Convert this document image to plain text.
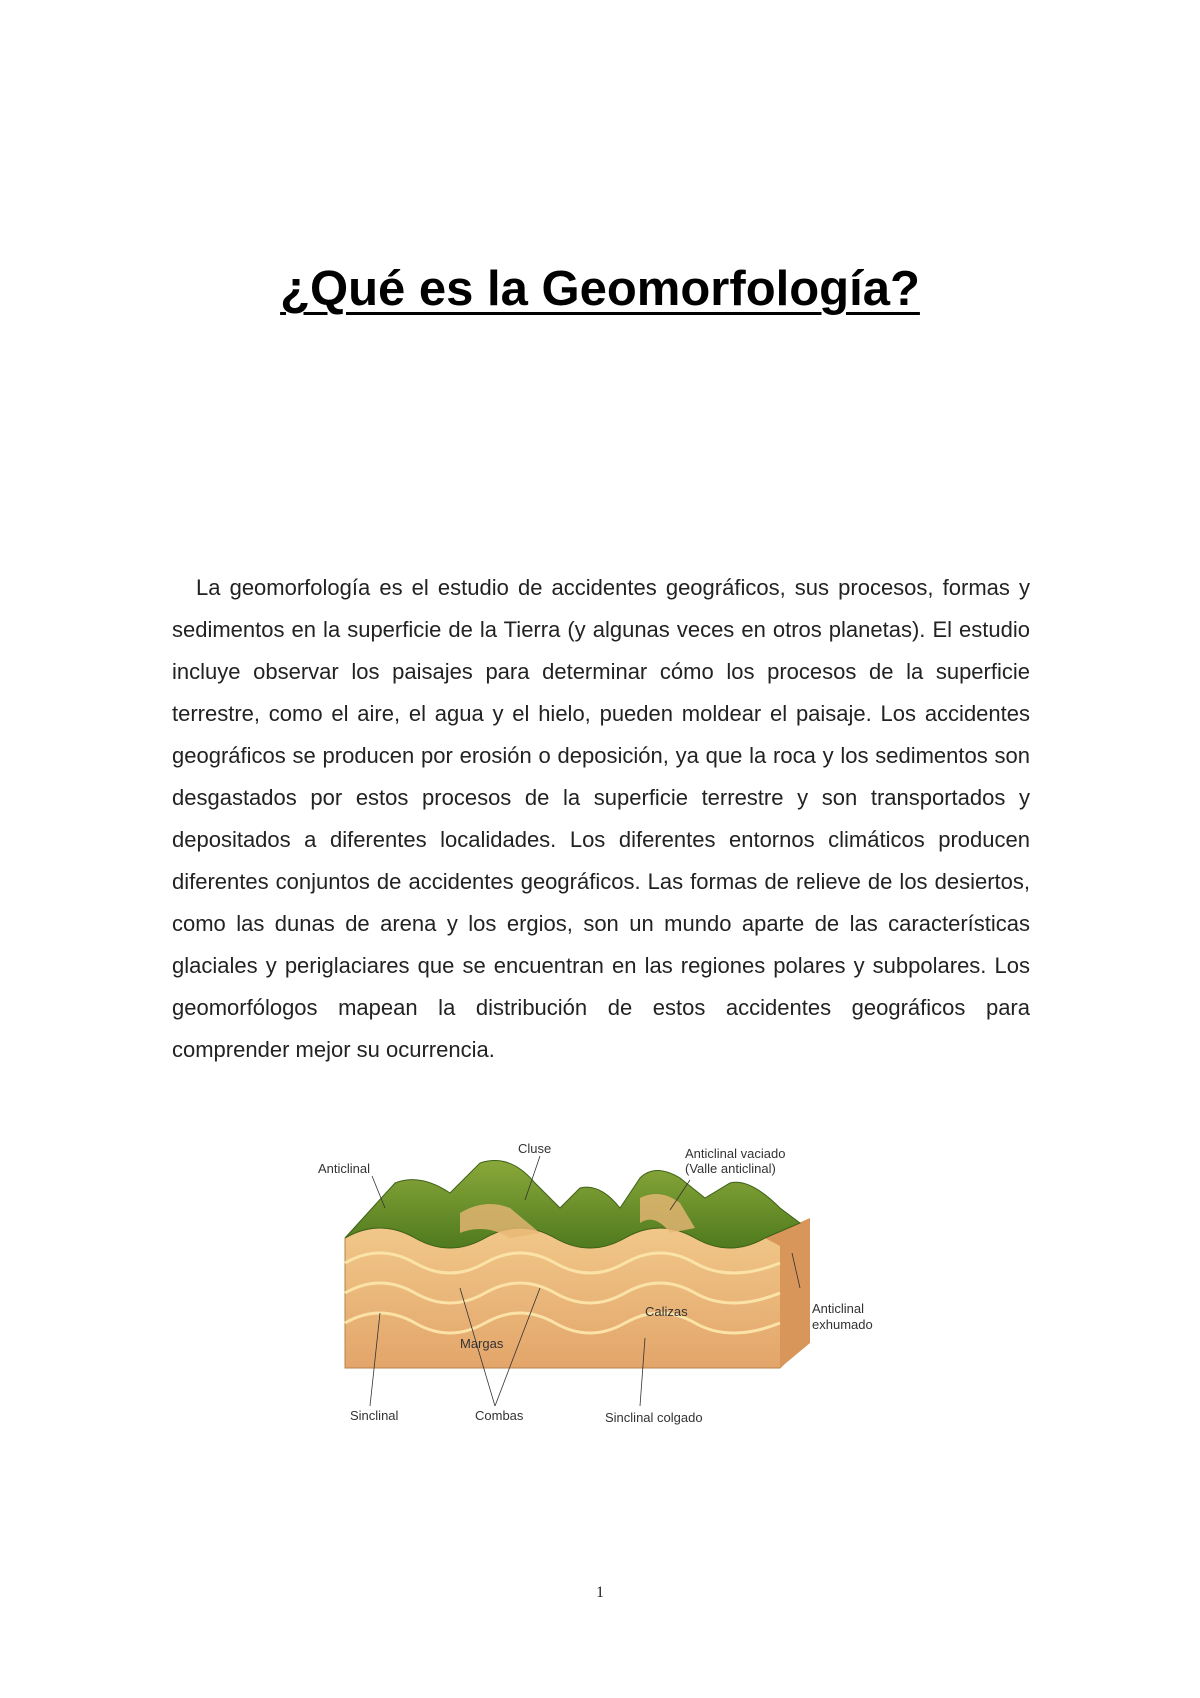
¿Qué es la Geomorfología?

La geomorfología es el estudio de accidentes geográficos, sus procesos, formas y sedimentos en la superficie de la Tierra (y algunas veces en otros planetas). El estudio incluye observar los paisajes para determinar cómo los procesos de la superficie terrestre, como el aire, el agua y el hielo, pueden moldear el paisaje. Los accidentes geográficos se producen por erosión o deposición, ya que la roca y los sedimentos son desgastados por estos procesos de la superficie terrestre y son transportados y depositados a diferentes localidades. Los diferentes entornos climáticos producen diferentes conjuntos de accidentes geográficos. Las formas de relieve de los desiertos, como las dunas de arena y los ergios, son un mundo aparte de las características glaciales y periglaciares que se encuentran en las regiones polares y subpolares. Los geomorfólogos mapean la distribución de estos accidentes geográficos para comprender mejor su ocurrencia.

Cluse	Anticlinal vaciado
(Valle anticlinal)
Anticlinal
Calizas
Margas
Anticlinal
exhumado
Sinclinal	Combas	Sinclinal colgado
1
